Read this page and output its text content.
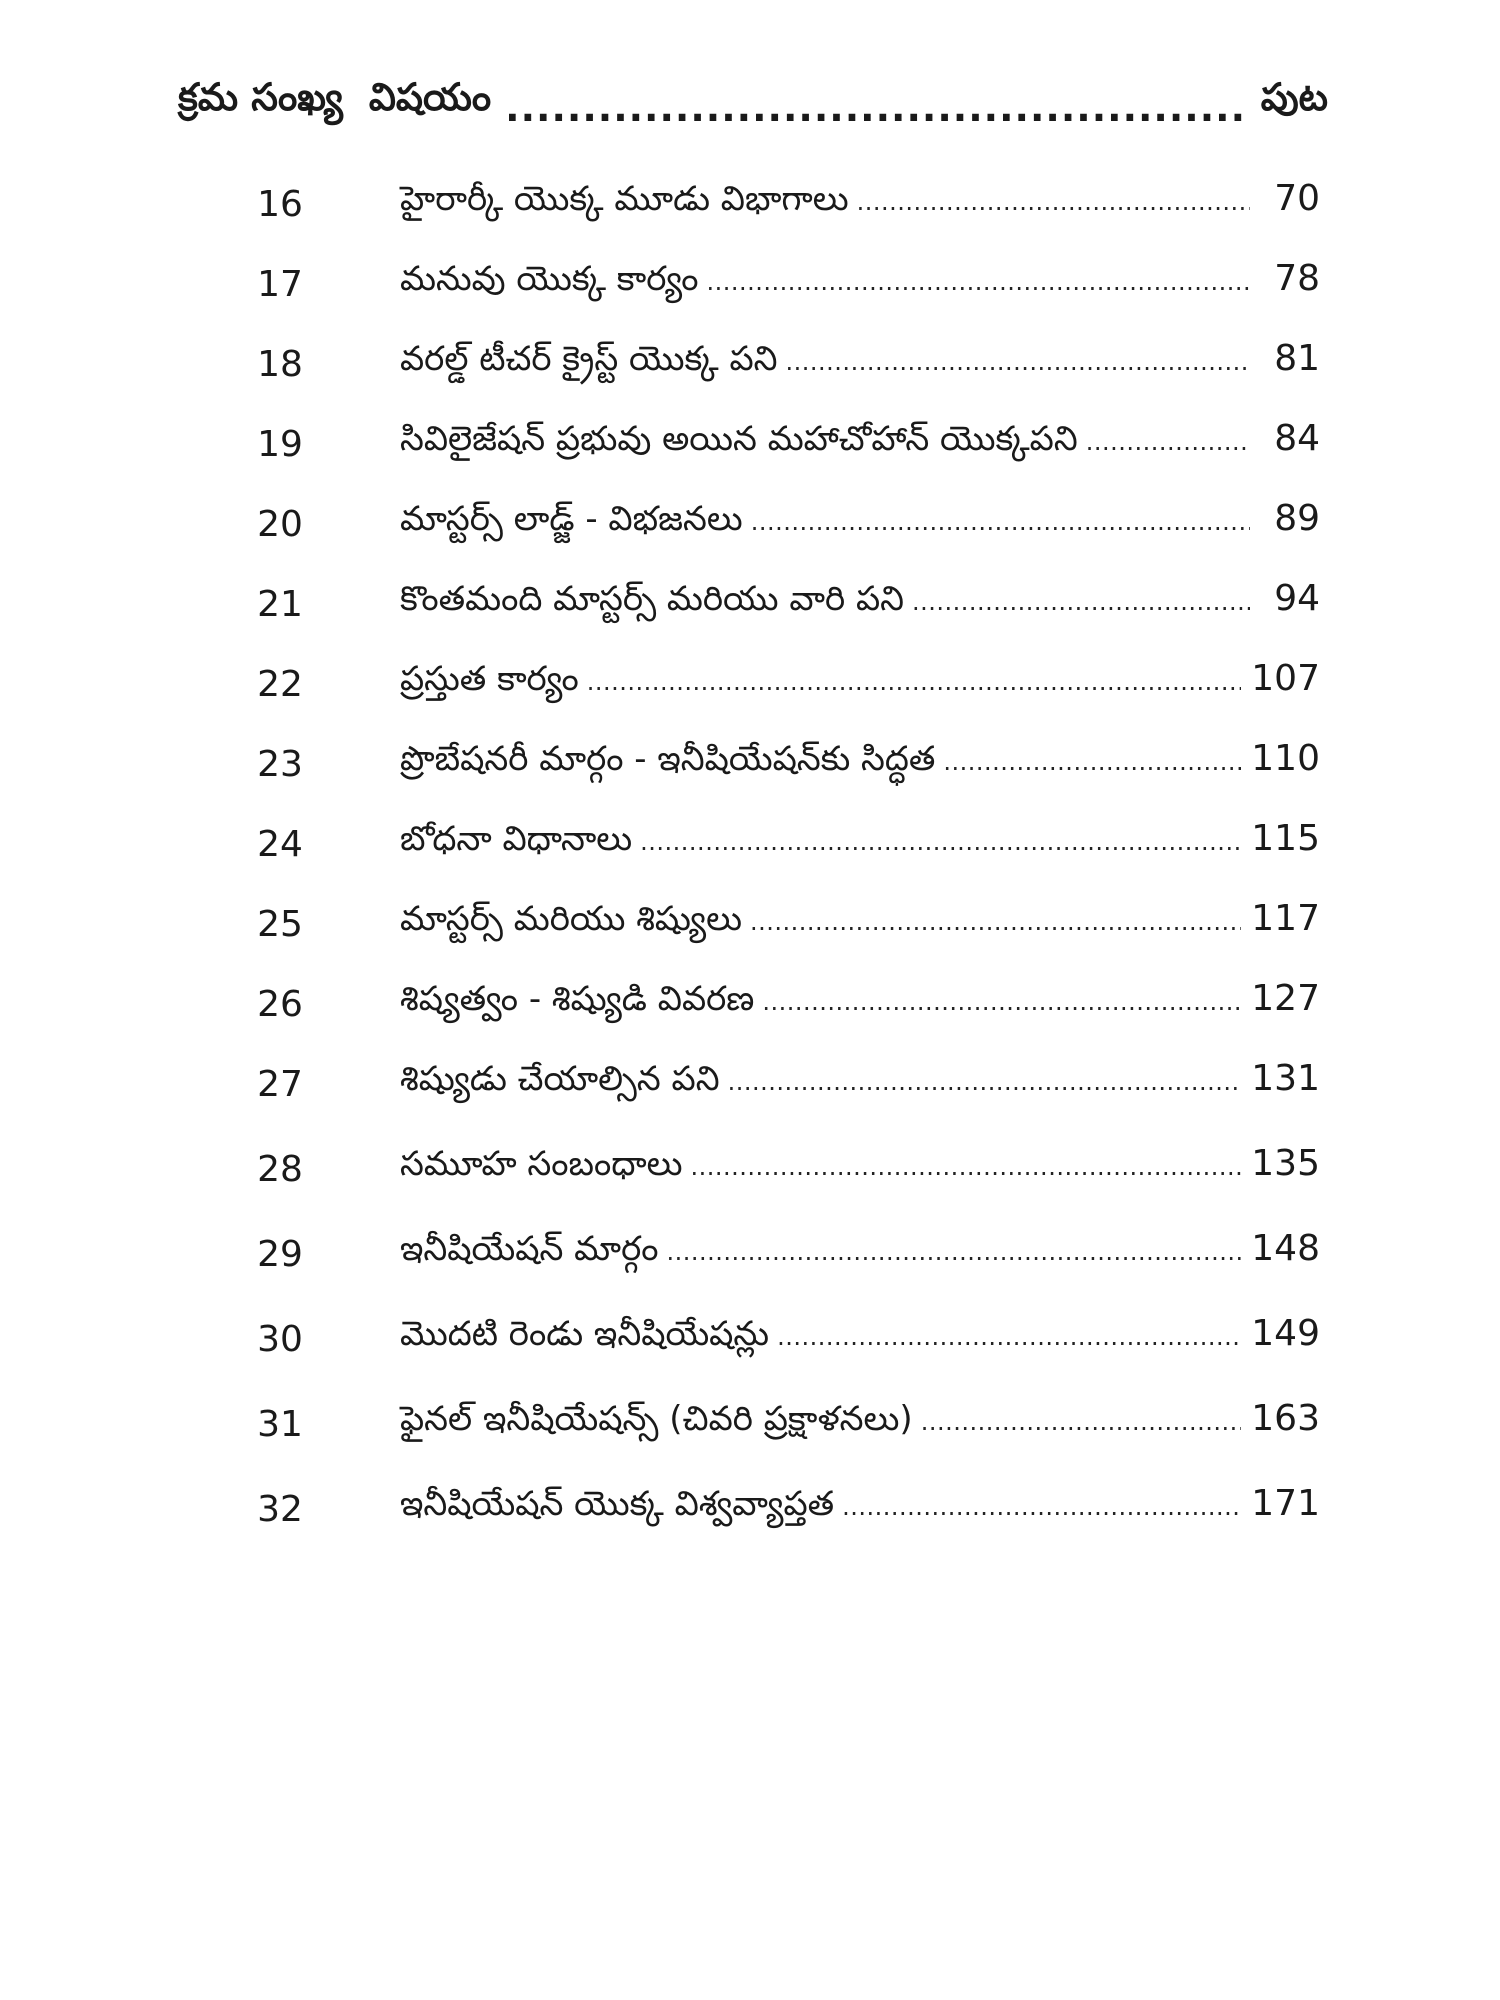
క్రమ సంఖ్య విషయం .....	పుట
16	హైరార్కీ యొక్క మూడు విభాగాలు .....	70
17	మనువు యొక్క కార్యం .....	78
18	వరల్డ్ టీచర్ క్రైస్ట్ యొక్క పని .....	81
19	సివిలైజేషన్ ప్రభువు అయిన మహాచోహాన్ యొక్కపని .....	84
20	మాస్టర్స్ లాడ్జ్ - విభజనలు .....	89
21	కొంతమంది మాస్టర్స్ మరియు వారి పని .....	94
22	ప్రస్తుత కార్యం .....	107
23	ప్రొబేషనరీ మార్గం - ఇనీషియేషన్‌కు సిద్ధత .....	110
24	బోధనా విధానాలు .....	115
25	మాస్టర్స్ మరియు శిష్యులు .....	117
26	శిష్యత్వం - శిష్యుడి వివరణ .....	127
27	శిష్యుడు చేయాల్సిన పని .....	131
28	సమూహ సంబంధాలు .....	135
29	ఇనీషియేషన్ మార్గం .....	148
30	మొదటి రెండు ఇనీషియేషన్లు .....	149
31	ఫైనల్ ఇనీషియేషన్స్ (చివరి ప్రక్షాళనలు) .....	163
32	ఇనీషియేషన్ యొక్క విశ్వవ్యాప్తత .....	171
